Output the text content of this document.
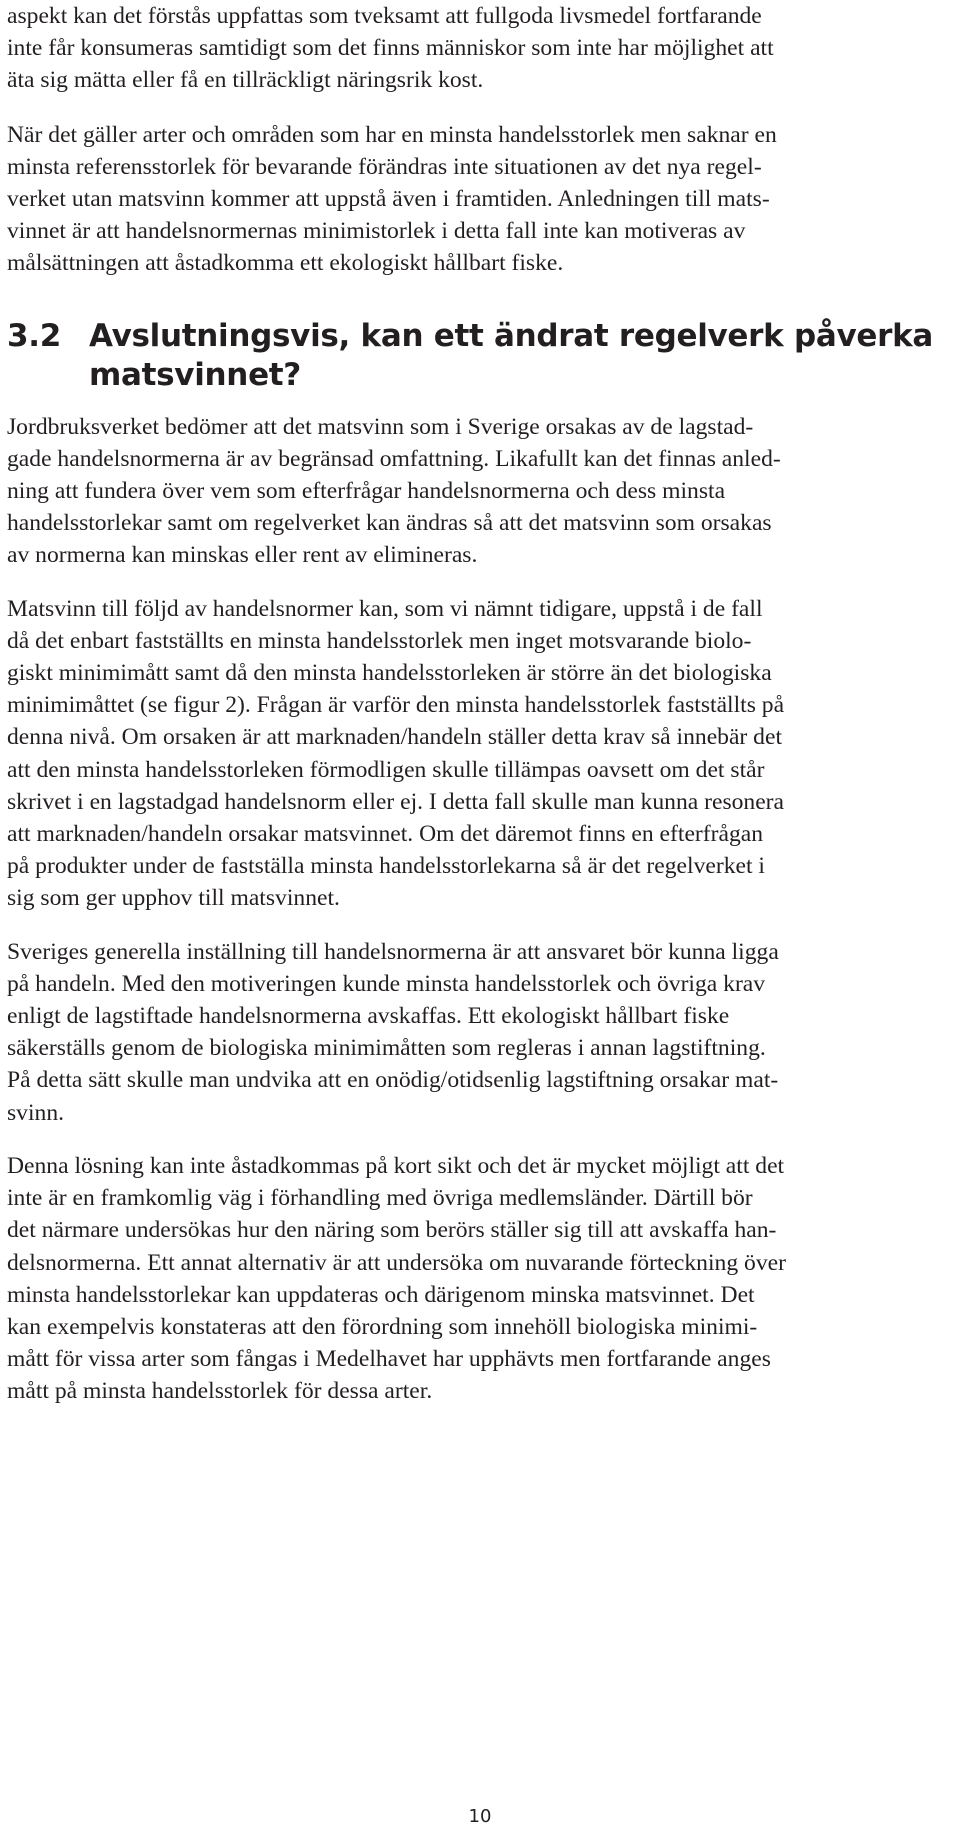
aspekt kan det förstås uppfattas som tveksamt att fullgoda livsmedel fortfarande
inte får konsumeras samtidigt som det finns människor som inte har möjlighet att
äta sig mätta eller få en tillräckligt näringsrik kost.

När det gäller arter och områden som har en minsta handelsstorlek men saknar en
minsta referensstorlek för bevarande förändras inte situationen av det nya regel-
verket utan matsvinn kommer att uppstå även i framtiden. Anledningen till mats-
vinnet är att handelsnormernas minimistorlek i detta fall inte kan motiveras av
målsättningen att åstadkomma ett ekologiskt hållbart fiske.

3.2 Avslutningsvis, kan ett ändrat regelverk påverka
matsvinnet?

Jordbruksverket bedömer att det matsvinn som i Sverige orsakas av de lagstad-
gade handelsnormerna är av begränsad omfattning. Likafullt kan det finnas anled-
ning att fundera över vem som efterfrågar handelsnormerna och dess minsta
handelsstorlekar samt om regelverket kan ändras så att det matsvinn som orsakas
av normerna kan minskas eller rent av elimineras.

Matsvinn till följd av handelsnormer kan, som vi nämnt tidigare, uppstå i de fall
då det enbart fastställts en minsta handelsstorlek men inget motsvarande biolo-
giskt minimimått samt då den minsta handelsstorleken är större än det biologiska
minimimåttet (se figur 2). Frågan är varför den minsta handelsstorlek fastställts på
denna nivå. Om orsaken är att marknaden/handeln ställer detta krav så innebär det
att den minsta handelsstorleken förmodligen skulle tillämpas oavsett om det står
skrivet i en lagstadgad handelsnorm eller ej. I detta fall skulle man kunna resonera
att marknaden/handeln orsakar matsvinnet. Om det däremot finns en efterfrågan
på produkter under de fastställa minsta handelsstorlekarna så är det regelverket i
sig som ger upphov till matsvinnet.

Sveriges generella inställning till handelsnormerna är att ansvaret bör kunna ligga
på handeln. Med den motiveringen kunde minsta handelsstorlek och övriga krav
enligt de lagstiftade handelsnormerna avskaffas. Ett ekologiskt hållbart fiske
säkerställs genom de biologiska minimimåtten som regleras i annan lagstiftning.
På detta sätt skulle man undvika att en onödig/otidsenlig lagstiftning orsakar mat-
svinn.

Denna lösning kan inte åstadkommas på kort sikt och det är mycket möjligt att det
inte är en framkomlig väg i förhandling med övriga medlemsländer. Därtill bör
det närmare undersökas hur den näring som berörs ställer sig till att avskaffa han-
delsnormerna. Ett annat alternativ är att undersöka om nuvarande förteckning över
minsta handelsstorlekar kan uppdateras och därigenom minska matsvinnet. Det
kan exempelvis konstateras att den förordning som innehöll biologiska minimi-
mått för vissa arter som fångas i Medelhavet har upphävts men fortfarande anges
mått på minsta handelsstorlek för dessa arter.

10
